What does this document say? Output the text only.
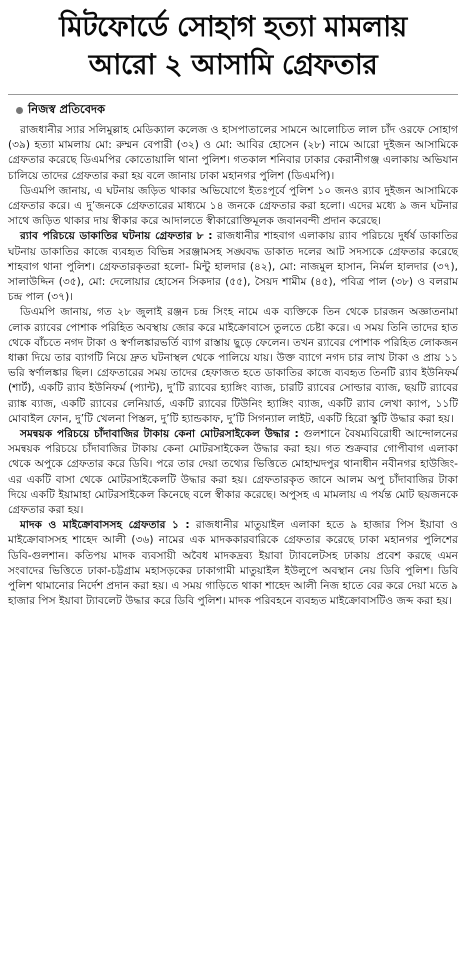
মিটফোর্ডে সোহাগ হত্যা মামলায়
আরো ২ আসামি গ্রেফতার
নিজস্ব প্রতিবেদক

রাজধানীর স্যার সলিমুল্লাহ মেডিক্যাল কলেজ ও হাসপাতালের সামনে আলোচিত লাল চাঁদ ওরফে সোহাগ (৩৯) হত্যা মামলায় মো: রুম্মন বেপারী (৩২) ও মো: আবির হোসেন (২৮) নামে আরো দুইজন আসামিকে গ্রেফতার করেছে ডিএমপির কোতোয়ালি থানা পুলিশ। গতকাল শনিবার ঢাকার কেরানীগঞ্জ এলাকায় অভিযান চালিয়ে তাদের গ্রেফতার করা হয় বলে জানায় ঢাকা মহানগর পুলিশ (ডিএমপি)।

ডিএমপি জানায়, এ ঘটনায় জড়িত থাকার অভিযোগে ইতঃপূর্বে পুলিশ ১০ জনও র‍্যাব দুইজন আসামিকে গ্রেফতার করে। এ দু’জনকে গ্রেফতারের মাধ্যমে ১৪ জনকে গ্রেফতার করা হলো। এদের মধ্যে ৯ জন ঘটনার সাথে জড়িত থাকার দায় স্বীকার করে আদালতে স্বীকারোক্তিমূলক জবানবন্দী প্রদান করেছে।

র‍্যাব পরিচয়ে ডাকাতির ঘটনায় গ্রেফতার ৮ : রাজধানীর শাহবাগ এলাকায় র‍্যাব পরিচয়ে দুর্ধর্ষ ডাকাতির ঘটনায় ডাকাতির কাজে ব্যবহৃত বিভিন্ন সরঞ্জামসহ সঙ্ঘবদ্ধ ডাকাত দলের আট সদস্যকে গ্রেফতার করেছে শাহবাগ থানা পুলিশ। গ্রেফতারকৃতরা হলো- মিন্টু হালদার (৪২), মো: নাজমুল হাসান, নির্মল হালদার (৩৭), সালাউদ্দিন (৩৫), মো: দেলোয়ার হোসেন সিকদার (৫৫), সৈয়দ শামীম (৪৫), পবিত্র পাল (৩৮) ও বলরাম চন্দ্র পাল (৩৭)।

ডিএমপি জানায়, গত ২৮ জুলাই রঞ্জন চন্দ্র সিংহ নামে এক ব্যক্তিকে তিন থেকে চারজন অজ্ঞাতনামা লোক র‍্যাবের পোশাক পরিহিত অবস্থায় জোর করে মাইক্রোবাসে তুলতে চেষ্টা করে। এ সময় তিনি তাদের হাত থেকে বাঁচতে নগদ টাকা ও স্বর্ণালঙ্কারভর্তি ব্যাগ রাস্তায় ছুড়ে ফেলেন। তখন র‍্যাবের পোশাক পরিহিত লোকজন ধাক্কা দিয়ে তার ব্যাগটি নিয়ে দ্রুত ঘটনাস্থল থেকে পালিয়ে যায়। উক্ত ব্যাগে নগদ চার লাখ টাকা ও প্রায় ১১ ভরি স্বর্ণালঙ্কার ছিল। গ্রেফতারের সময় তাদের হেফাজত হতে ডাকাতির কাজে ব্যবহৃত তিনটি র‍্যাব ইউনিফর্ম (শার্ট), একটি র‍্যাব ইউনিফর্ম (প্যান্ট), দু’টি র‍্যাবের হ্যাঙ্গিং ব্যাজ, চারটি র‍্যাবের সোল্ডার ব্যাজ, ছয়টি র‍্যাবের র‍্যাঙ্ক ব্যাজ, একটি র‍্যাবের লেনিয়ার্ড, একটি র‍্যাবের টিউনিং হ্যাঙ্গিং ব্যাজ, একটি র‍্যাব লেখা ক্যাপ, ১১টি মোবাইল ফোন, দু’টি খেলনা পিস্তল, দু’টি হ্যান্ডকাফ, দু’টি সিগন্যাল লাইট, একটি হিরো স্কুটি উদ্ধার করা হয়।

সমন্বয়ক পরিচয়ে চাঁদাবাজির টাকায় কেনা মোটরসাইকেল উদ্ধার : গুলশানে বৈষম্যবিরোধী আন্দোলনের সমন্বয়ক পরিচয়ে চাঁদাবাজির টাকায় কেনা মোটরসাইকেল উদ্ধার করা হয়। গত শুক্রবার গোপীবাগ এলাকা থেকে অপুকে গ্রেফতার করে ডিবি। পরে তার দেয়া তথ্যের ভিত্তিতে মোহাম্মদপুর থানাধীন নবীনগর হাউজিং-এর একটি বাসা থেকে মোটরসাইকেলটি উদ্ধার করা হয়। গ্রেফতারকৃত জানে আলম অপু চাঁদাবাজির টাকা দিয়ে একটি ইয়ামাহা মোটরসাইকেল কিনেছে বলে স্বীকার করেছে। অপুসহ এ মামলায় এ পর্যন্ত মোট ছয়জনকে গ্রেফতার করা হয়।

মাদক ও মাইক্রোবাসসহ গ্রেফতার ১ : রাজধানীর মাতুয়াইল এলাকা হতে ৯ হাজার পিস ইয়াবা ও মাইক্রোবাসসহ শাহেদ আলী (৩৬) নামের এক মাদককারবারিকে গ্রেফতার করেছে ঢাকা মহানগর পুলিশের ডিবি-গুলশান। কতিপয় মাদক ব্যবসায়ী অবৈধ মাদকদ্রব্য ইয়াবা ট্যাবলেটসহ ঢাকায় প্রবেশ করছে এমন সংবাদের ভিত্তিতে ঢাকা-চট্টগ্রাম মহাসড়কের ঢাকাগামী মাতুয়াইল ইউলুপে অবস্থান নেয় ডিবি পুলিশ। ডিবি পুলিশ থামানোর নির্দেশ প্রদান করা হয়। এ সময় গাড়িতে থাকা শাহেদ আলী নিজ হাতে বের করে দেয়া মতে ৯ হাজার পিস ইয়াবা ট্যাবলেট উদ্ধার করে ডিবি পুলিশ। মাদক পরিবহনে ব্যবহৃত মাইক্রোবাসটিও জব্দ করা হয়।
